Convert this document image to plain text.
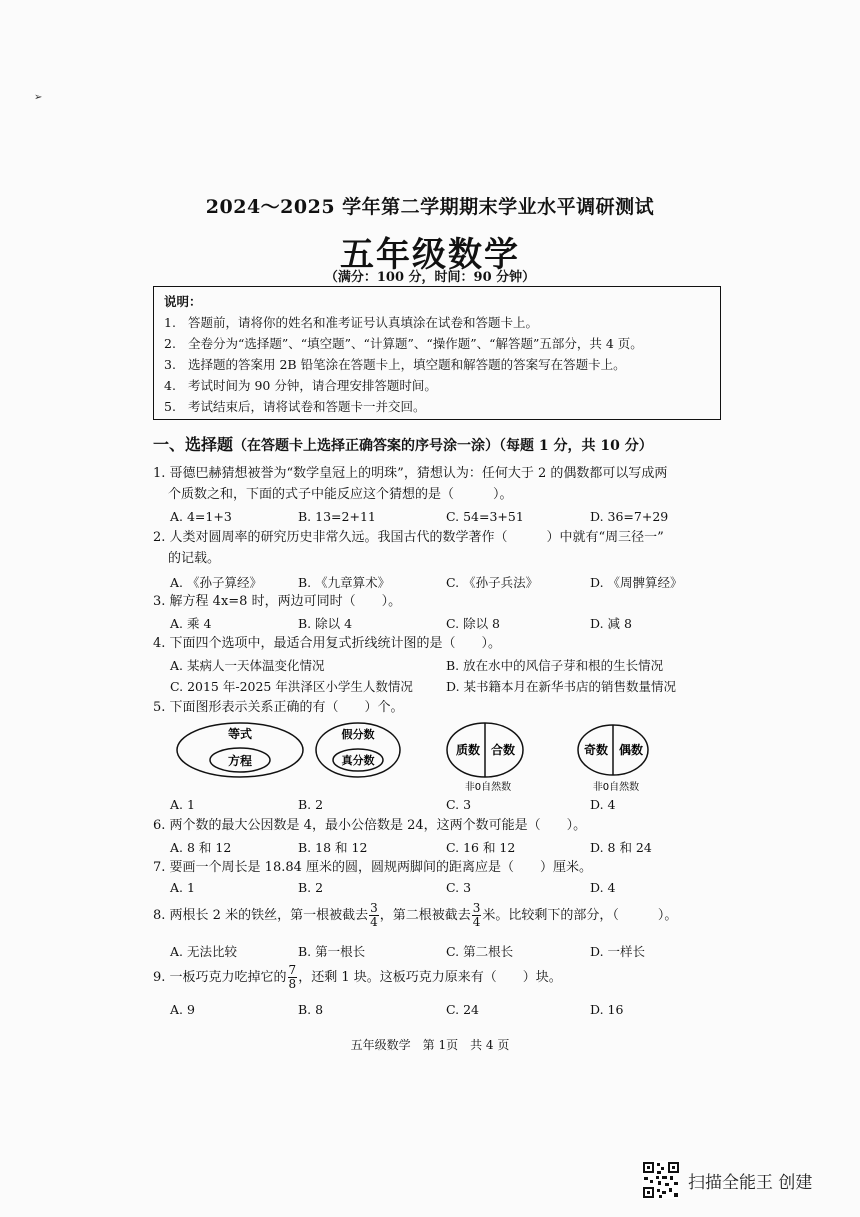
➢
2024～2025 学年第二学期期末学业水平调研测试
五年级数学
（满分：100 分，时间：90 分钟）
说明：
1. 答题前，请将你的姓名和准考证号认真填涂在试卷和答题卡上。
2. 全卷分为“选择题”、“填空题”、“计算题”、“操作题”、“解答题”五部分，共 4 页。
3. 选择题的答案用 2B 铅笔涂在答题卡上，填空题和解答题的答案写在答题卡上。
4. 考试时间为 90 分钟，请合理安排答题时间。
5. 考试结束后，请将试卷和答题卡一并交回。
一、选择题（在答题卡上选择正确答案的序号涂一涂）（每题 1 分，共 10 分）
1. 哥德巴赫猜想被誉为“数学皇冠上的明珠”，猜想认为：任何大于 2 的偶数都可以写成两
个质数之和，下面的式子中能反应这个猜想的是（　　　）。
A. 4=1+3	B. 13=2+11	C. 54=3+51	D. 36=7+29
2. 人类对圆周率的研究历史非常久远。我国古代的数学著作（　　　）中就有“周三径一”
的记载。
A. 《孙子算经》	B. 《九章算术》	C. 《孙子兵法》	D. 《周髀算经》
3. 解方程 4x=8 时，两边可同时（　　）。
A. 乘 4	B. 除以 4	C. 除以 8	D. 减 8
4. 下面四个选项中，最适合用复式折线统计图的是（　　）。
A. 某病人一天体温变化情况	B. 放在水中的风信子芽和根的生长情况
C. 2015 年-2025 年洪泽区小学生人数情况	D. 某书籍本月在新华书店的销售数量情况
5. 下面图形表示关系正确的有（　　）个。
等式
方程
假分数
真分数
质数 合数
非0自然数
奇数 偶数
非0自然数
A. 1	B. 2	C. 3	D. 4
6. 两个数的最大公因数是 4，最小公倍数是 24，这两个数可能是（　　）。
A. 8 和 12	B. 18 和 12	C. 16 和 12	D. 8 和 24
7. 要画一个周长是 18.84 厘米的圆，圆规两脚间的距离应是（　　）厘米。
A. 1	B. 2	C. 3	D. 4
8. 两根长 2 米的铁丝，第一根被截去 $\frac{3}{4}$ ，第二根被截去 $\frac{3}{4}$ 米。比较剩下的部分，（　　　）。
A. 无法比较	B. 第一根长	C. 第二根长	D. 一样长
9. 一板巧克力吃掉它的 $\frac{7}{8}$ ，还剩 1 块。这板巧克力原来有（　　）块。
A. 9	B. 8	C. 24	D. 16
五年级数学　第 1页　共 4 页
扫描全能王 创建
